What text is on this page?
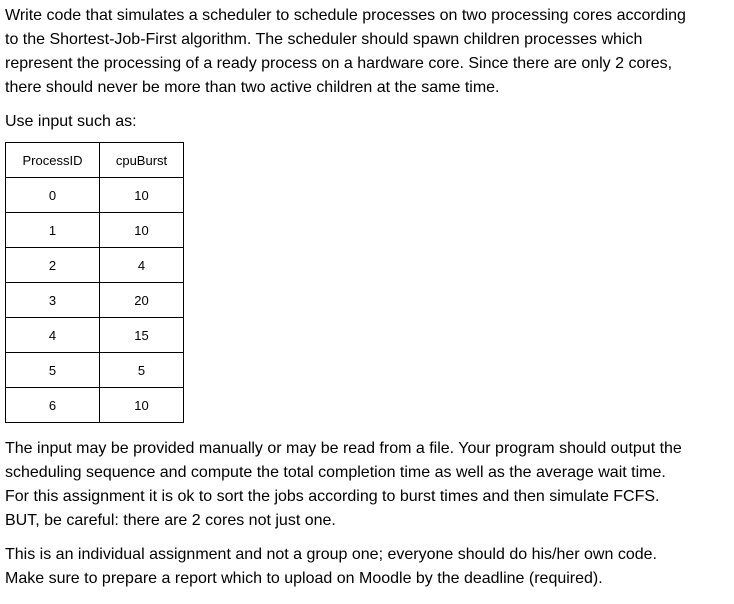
Write code that simulates a scheduler to schedule processes on two processing cores according
to the Shortest-Job-First algorithm. The scheduler should spawn children processes which
represent the processing of a ready process on a hardware core. Since there are only 2 cores,
there should never be more than two active children at the same time.

Use input such as:

ProcessID	cpuBurst
0	10
1	10
2	4
3	20
4	15
5	5
6	10

The input may be provided manually or may be read from a file. Your program should output the
scheduling sequence and compute the total completion time as well as the average wait time.
For this assignment it is ok to sort the jobs according to burst times and then simulate FCFS.
BUT, be careful: there are 2 cores not just one.

This is an individual assignment and not a group one; everyone should do his/her own code.
Make sure to prepare a report which to upload on Moodle by the deadline (required).
